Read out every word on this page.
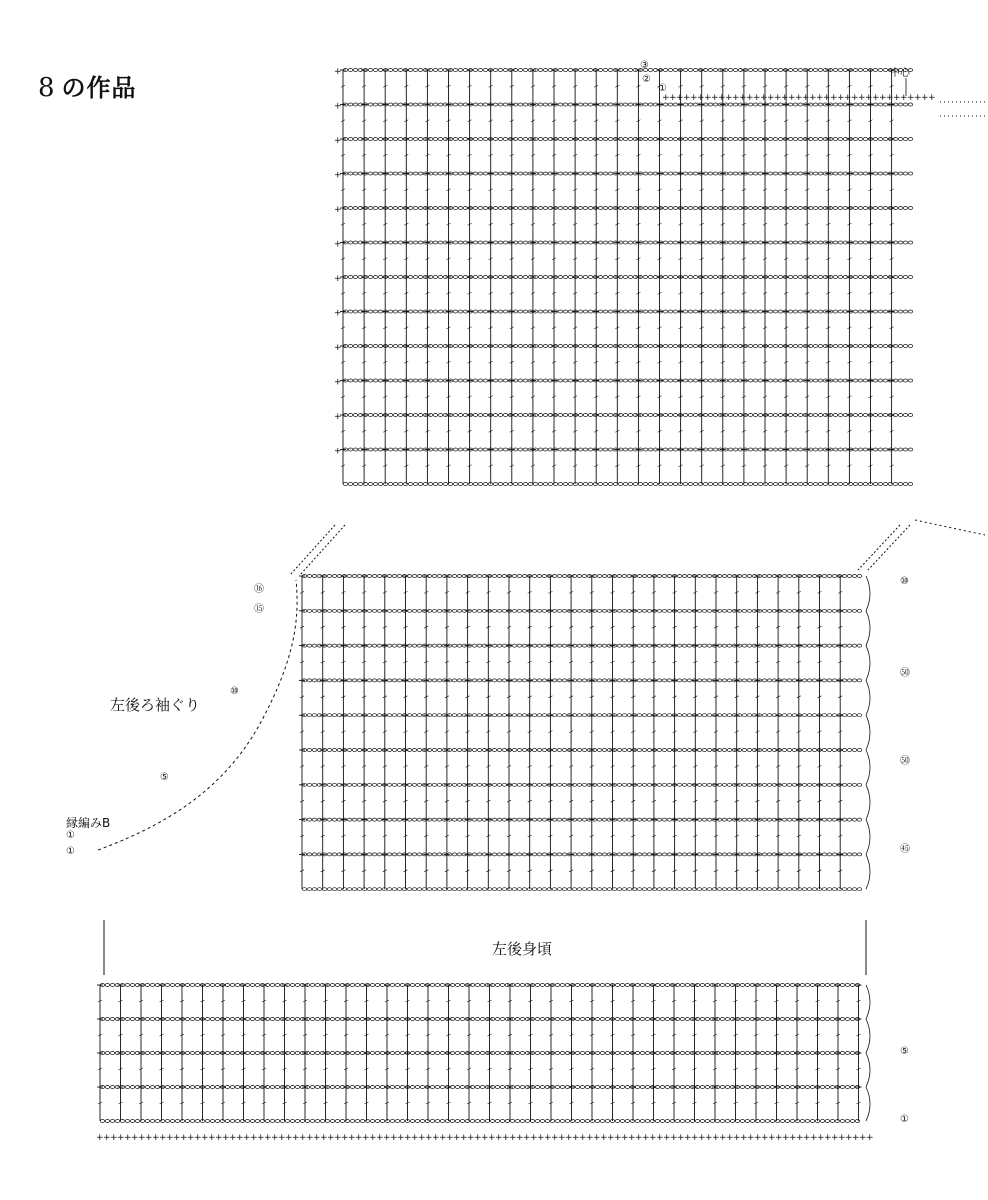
+
+
+
+
+
+
+
+
+
+
+
+
+ + + + + + + + + + + + + + + + + + + + + + + + + + + + + + + + + + + + + + + + + + + + + + + + + + + + + + + + + + + + + + + + + + + + + + + + + + + + + + + + + + + + + + + + + + + + + + + + + + + + + + + + + + + + + + +
+ + + + + + + + + + + + + + + + + + + + + + + + + + + + + + + + + + + + + + +
8 の作品
中心
③
②
①
左後ろ袖ぐり
縁編みB
左後身頃
⑯
⑮
⑩
⑤
①
①
⑩
㊿
㊿
㊺
⑤
①
